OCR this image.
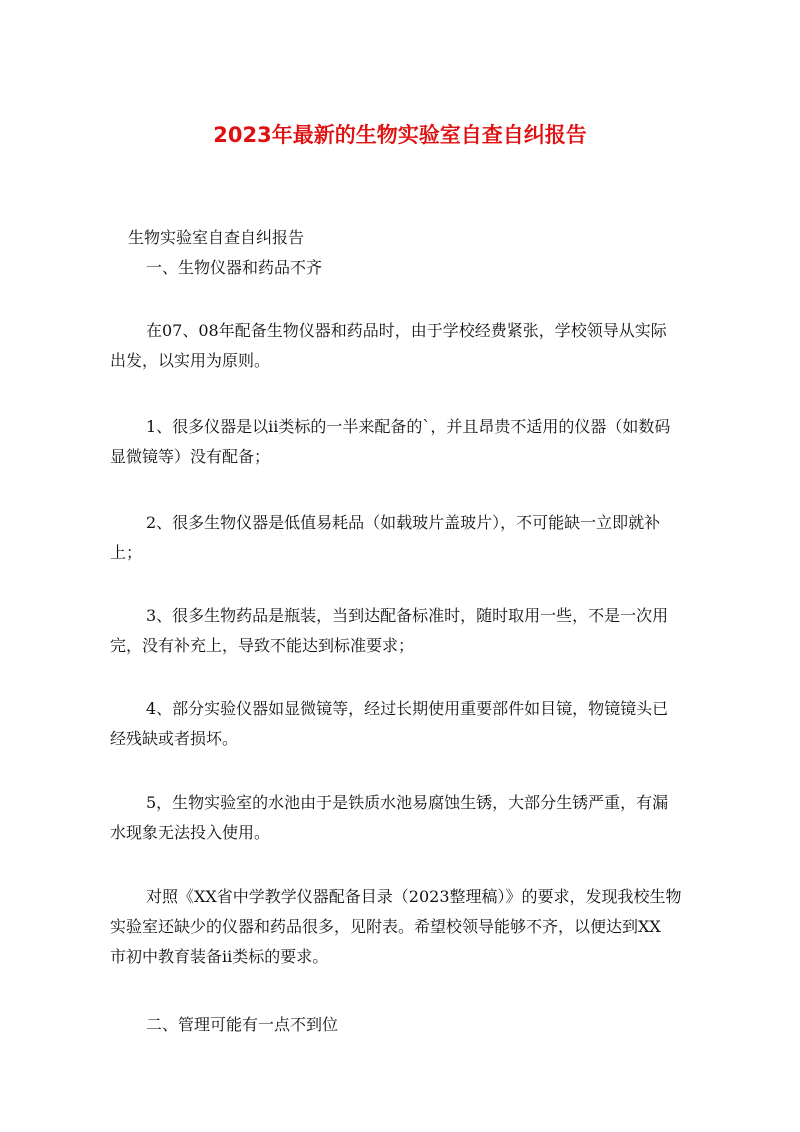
2023年最新的生物实验室自查自纠报告
生物实验室自查自纠报告
一、生物仪器和药品不齐
在07、08年配备生物仪器和药品时，由于学校经费紧张，学校领导从实际
出发，以实用为原则。
1、很多仪器是以ii类标的一半来配备的`，并且昂贵不适用的仪器（如数码
显微镜等）没有配备；
2、很多生物仪器是低值易耗品（如载玻片盖玻片），不可能缺一立即就补
上；
3、很多生物药品是瓶装，当到达配备标准时，随时取用一些，不是一次用
完，没有补充上，导致不能达到标准要求；
4、部分实验仪器如显微镜等，经过长期使用重要部件如目镜，物镜镜头已
经残缺或者损坏。
5，生物实验室的水池由于是铁质水池易腐蚀生锈，大部分生锈严重，有漏
水现象无法投入使用。
对照《XX省中学教学仪器配备目录（2023整理稿）》的要求，发现我校生物
实验室还缺少的仪器和药品很多，见附表。希望校领导能够不齐，以便达到XX
市初中教育装备ii类标的要求。
二、管理可能有一点不到位
